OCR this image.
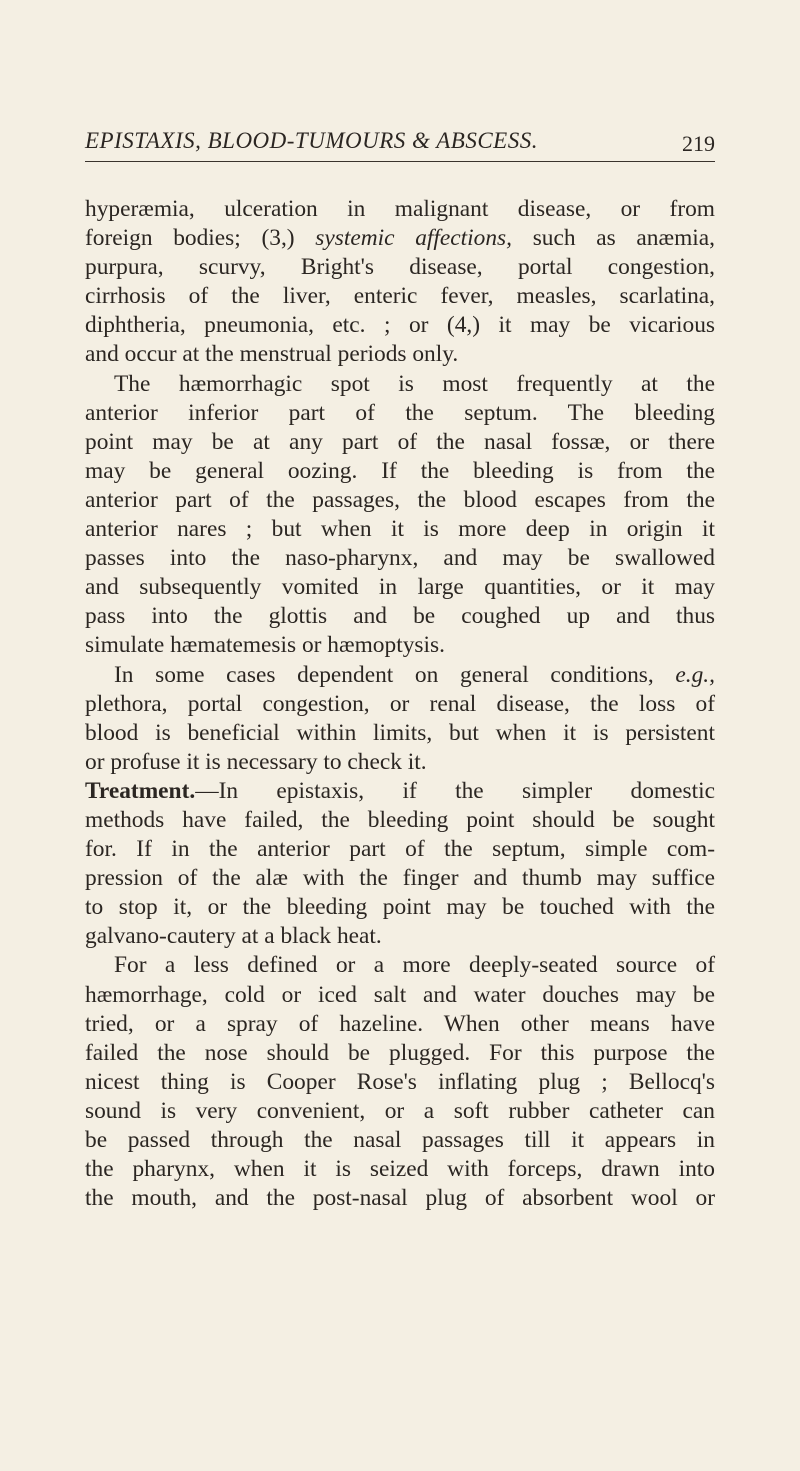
EPISTAXIS, BLOOD-TUMOURS & ABSCESS.	219
hyperæmia, ulceration in malignant disease, or from
foreign bodies; (3,) systemic affections, such as anæmia,
purpura, scurvy, Bright's disease, portal congestion,
cirrhosis of the liver, enteric fever, measles, scarlatina,
diphtheria, pneumonia, etc. ; or (4,) it may be vicarious
and occur at the menstrual periods only.
The hæmorrhagic spot is most frequently at the
anterior inferior part of the septum. The bleeding
point may be at any part of the nasal fossæ, or there
may be general oozing. If the bleeding is from the
anterior part of the passages, the blood escapes from the
anterior nares ; but when it is more deep in origin it
passes into the naso-pharynx, and may be swallowed
and subsequently vomited in large quantities, or it may
pass into the glottis and be coughed up and thus
simulate hæmatemesis or hæmoptysis.
In some cases dependent on general conditions, e.g.,
plethora, portal congestion, or renal disease, the loss of
blood is beneficial within limits, but when it is persistent
or profuse it is necessary to check it.
Treatment.—In epistaxis, if the simpler domestic
methods have failed, the bleeding point should be sought
for. If in the anterior part of the septum, simple com-
pression of the alæ with the finger and thumb may suffice
to stop it, or the bleeding point may be touched with the
galvano-cautery at a black heat.
For a less defined or a more deeply-seated source of
hæmorrhage, cold or iced salt and water douches may be
tried, or a spray of hazeline. When other means have
failed the nose should be plugged. For this purpose the
nicest thing is Cooper Rose's inflating plug ; Bellocq's
sound is very convenient, or a soft rubber catheter can
be passed through the nasal passages till it appears in
the pharynx, when it is seized with forceps, drawn into
the mouth, and the post-nasal plug of absorbent wool or
